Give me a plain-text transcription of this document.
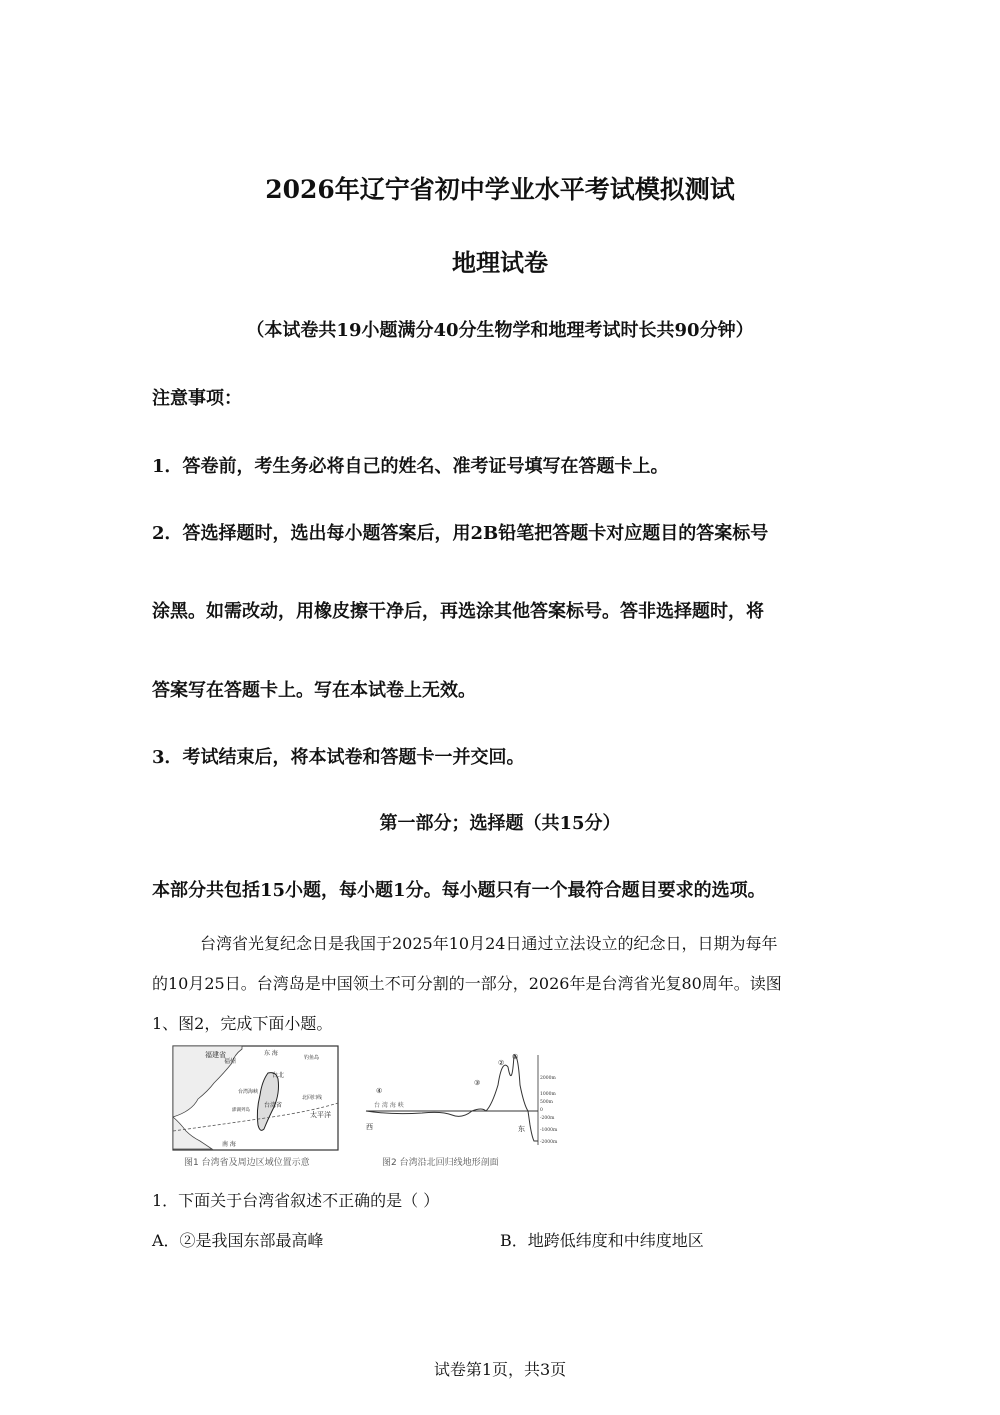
2026年辽宁省初中学业水平考试模拟测试
地理试卷
（本试卷共19小题满分40分生物学和地理考试时长共90分钟）
注意事项：
1．答卷前，考生务必将自己的姓名、准考证号填写在答题卡上。
2．答选择题时，选出每小题答案后，用2B铅笔把答题卡对应题目的答案标号
涂黑。如需改动，用橡皮擦干净后，再选涂其他答案标号。答非选择题时，将
答案写在答题卡上。写在本试卷上无效。
3．考试结束后，将本试卷和答题卡一并交回。
第一部分；选择题（共15分）
本部分共包括15小题，每小题1分。每小题只有一个最符合题目要求的选项。
台湾省光复纪念日是我国于2025年10月24日通过立法设立的纪念日，日期为每年
的10月25日。台湾岛是中国领土不可分割的一部分，2026年是台湾省光复80周年。读图
1、图2，完成下面小题。
福建省
福州
东 海
钓鱼岛
台湾海峡
台北
台湾省
澎湖列岛
北回归线
太平洋
南 海
图1 台湾省及周边区域位置示意
台 湾 海 峡
西	东
④
③
②
①
2000m
1000m
500m
0
-200m
-1000m
-2000m
图2 台湾沿北回归线地形剖面
1．下面关于台湾省叙述不正确的是（ ）
A．②是我国东部最高峰	B．地跨低纬度和中纬度地区
试卷第1页，共3页
